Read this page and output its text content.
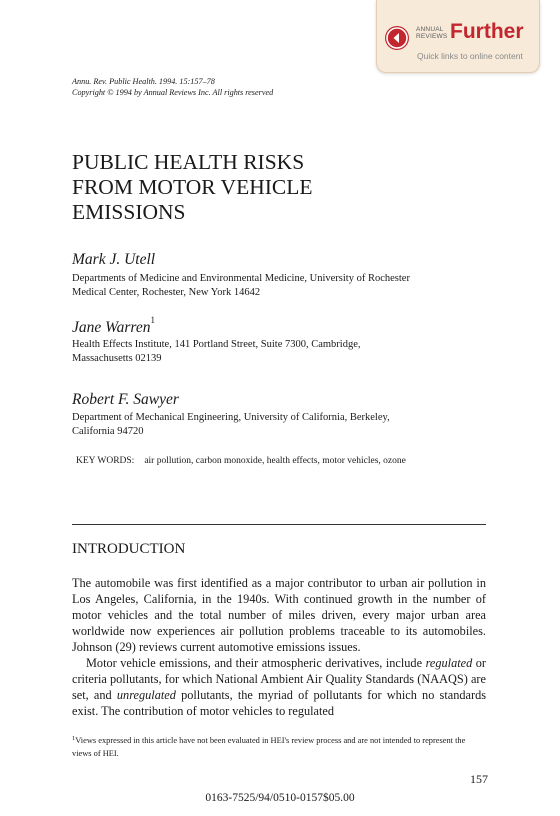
ANNUAL
REVIEWS Further
Quick links to online content
Annu. Rev. Public Health. 1994. 15:157–78
Copyright © 1994 by Annual Reviews Inc. All rights reserved
PUBLIC HEALTH RISKS
FROM MOTOR VEHICLE
EMISSIONS
Mark J. Utell
Departments of Medicine and Environmental Medicine, University of Rochester
Medical Center, Rochester, New York 14642
Jane Warren$^1$
Health Effects Institute, 141 Portland Street, Suite 7300, Cambridge,
Massachusetts 02139
Robert F. Sawyer
Department of Mechanical Engineering, University of California, Berkeley,
California 94720
KEY WORDS: air pollution, carbon monoxide, health effects, motor vehicles, ozone
INTRODUCTION

The automobile was first identified as a major contributor to urban air pollution in Los Angeles, California, in the 1940s. With continued growth in the number of motor vehicles and the total number of miles driven, every major urban area worldwide now experiences air pollution problems traceable to its automobiles. Johnson (29) reviews current automotive emissions issues.

Motor vehicle emissions, and their atmospheric derivatives, include regulated or criteria pollutants, for which National Ambient Air Quality Standards (NAAQS) are set, and unregulated pollutants, the myriad of pollutants for which no standards exist. The contribution of motor vehicles to regulated

$^1$Views expressed in this article have not been evaluated in HEI's review process and are not intended to represent the views of HEI.
157
0163-7525/94/0510-0157$05.00
